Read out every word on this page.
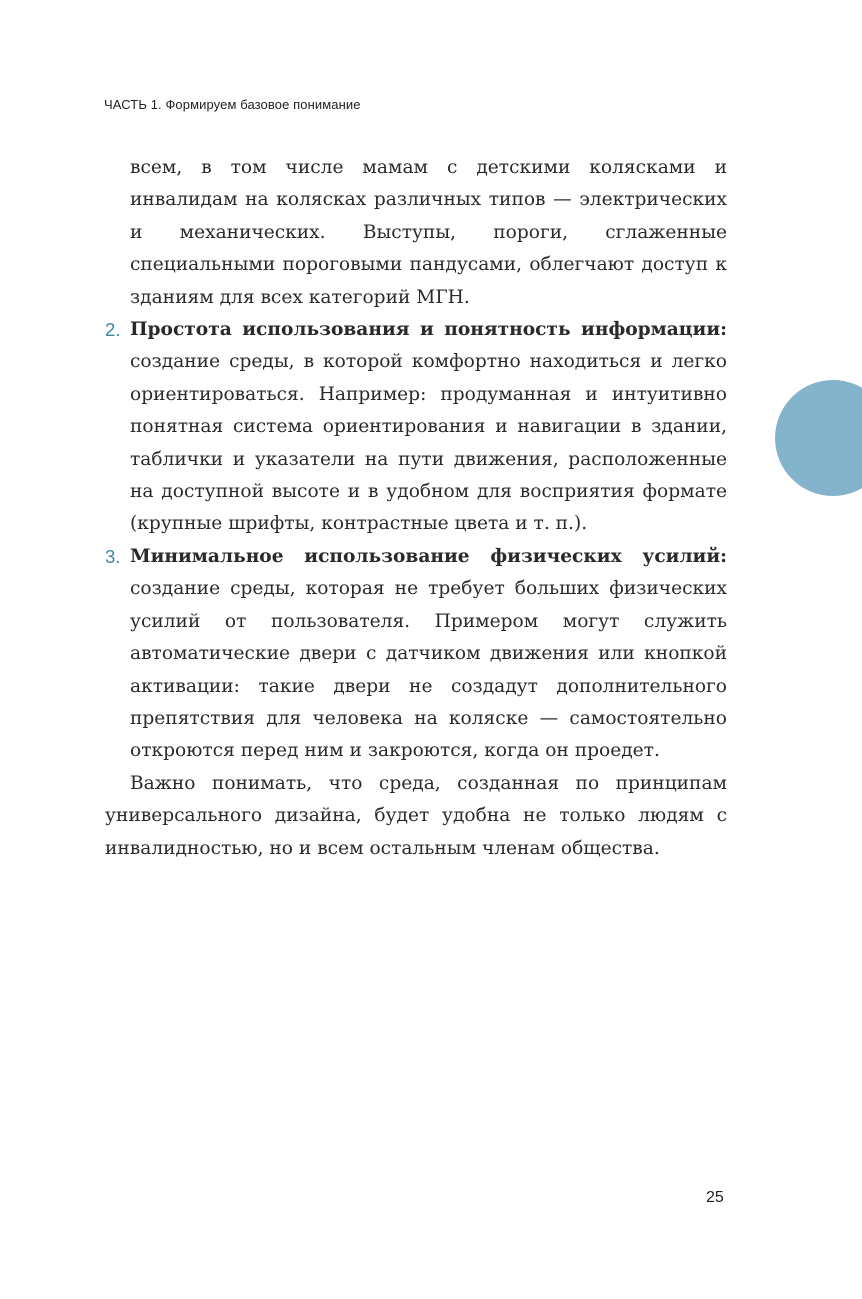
ЧАСТЬ 1. Формируем базовое понимание

всем, в том числе мамам с детскими колясками и инвалидам на колясках различных типов — электрических и механических. Выступы, пороги, сглаженные специальными пороговыми пандусами, облегчают доступ к зданиям для всех категорий МГН.

2. Простота использования и понятность информации: создание среды, в которой комфортно находиться и легко ориентироваться. Например: продуманная и интуитивно понятная система ориентирования и навигации в здании, таблички и указатели на пути движения, расположенные на доступной высоте и в удобном для восприятия формате (крупные шрифты, контрастные цвета и т. п.).

3. Минимальное использование физических усилий: создание среды, которая не требует больших физических усилий от пользователя. Примером могут служить автоматические двери с датчиком движения или кнопкой активации: такие двери не создадут дополнительного препятствия для человека на коляске — самостоятельно откроются перед ним и закроются, когда он проедет.

Важно понимать, что среда, созданная по принципам универсального дизайна, будет удобна не только людям с инвалидностью, но и всем остальным членам общества.

25
